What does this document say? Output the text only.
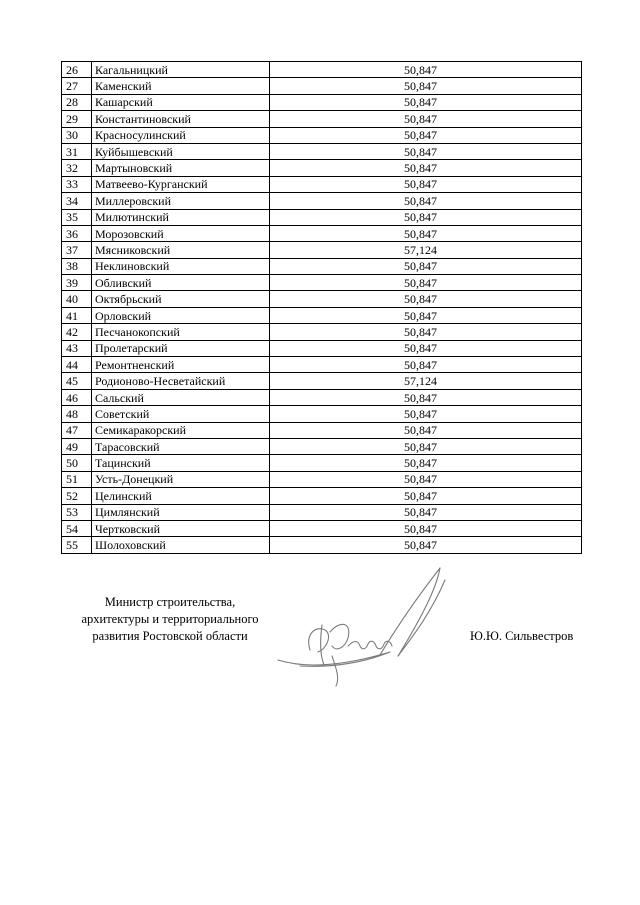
26	Кагальницкий	50,847
27	Каменский	50,847
28	Кашарский	50,847
29	Константиновский	50,847
30	Красносулинский	50,847
31	Куйбышевский	50,847
32	Мартыновский	50,847
33	Матвеево-Курганский	50,847
34	Миллеровский	50,847
35	Милютинский	50,847
36	Морозовский	50,847
37	Мясниковский	57,124
38	Неклиновский	50,847
39	Обливский	50,847
40	Октябрьский	50,847
41	Орловский	50,847
42	Песчанокопский	50,847
43	Пролетарский	50,847
44	Ремонтненский	50,847
45	Родионово-Несветайский	57,124
46	Сальский	50,847
48	Советский	50,847
47	Семикаракорский	50,847
49	Тарасовский	50,847
50	Тацинский	50,847
51	Усть-Донецкий	50,847
52	Целинский	50,847
53	Цимлянский	50,847
54	Чертковский	50,847
55	Шолоховский	50,847
Министр строительства,
архитектуры и территориального
развития Ростовской области	Ю.Ю. Сильвестров
